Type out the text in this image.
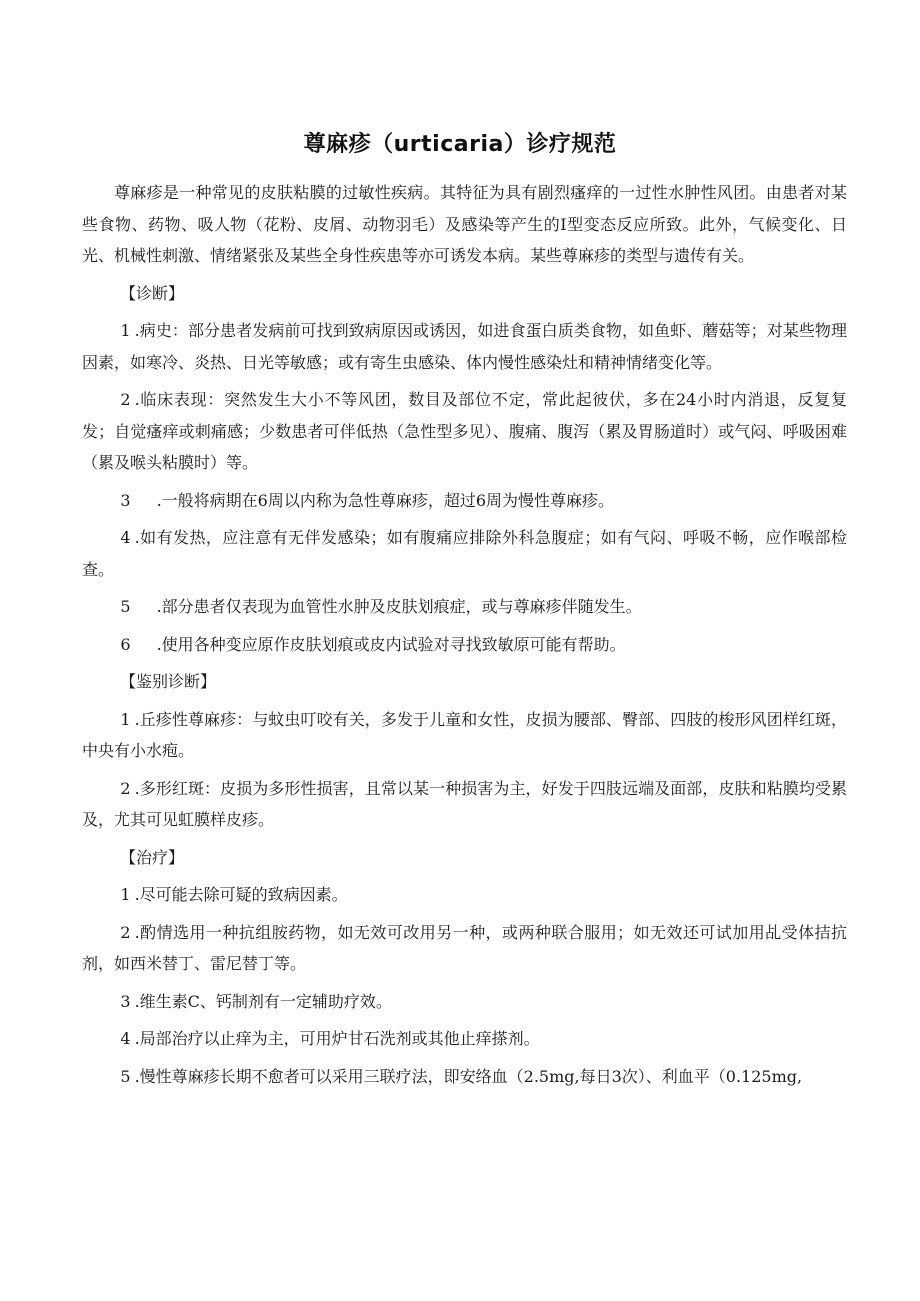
尊麻疹（urticaria）诊疗规范

尊麻疹是一种常见的皮肤粘膜的过敏性疾病。其特征为具有剧烈瘙痒的一过性水肿性风团。由患者对某些食物、药物、吸人物（花粉、皮屑、动物羽毛）及感染等产生的I型变态反应所致。此外，气候变化、日光、机械性刺激、情绪紧张及某些全身性疾患等亦可诱发本病。某些尊麻疹的类型与遗传有关。

【诊断】

1 .病史：部分患者发病前可找到致病原因或诱因，如进食蛋白质类食物，如鱼虾、蘑菇等；对某些物理因素，如寒冷、炎热、日光等敏感；或有寄生虫感染、体内慢性感染灶和精神情绪变化等。

2 .临床表现：突然发生大小不等风团，数目及部位不定，常此起彼伏，多在24小时内消退，反复复发；自觉瘙痒或刺痛感；少数患者可伴低热（急性型多见）、腹痛、腹泻（累及胃肠道时）或气闷、呼吸困难（累及喉头粘膜时）等。

3 .一般将病期在6周以内称为急性尊麻疹，超过6周为慢性尊麻疹。

4 .如有发热，应注意有无伴发感染；如有腹痛应排除外科急腹症；如有气闷、呼吸不畅，应作喉部检查。

5 .部分患者仅表现为血管性水肿及皮肤划痕症，或与尊麻疹伴随发生。

6 .使用各种变应原作皮肤划痕或皮内试验对寻找致敏原可能有帮助。

【鉴别诊断】

1 .丘疹性尊麻疹：与蚊虫叮咬有关，多发于儿童和女性，皮损为腰部、臀部、四肢的梭形风团样红斑，中央有小水疱。

2 .多形红斑：皮损为多形性损害，且常以某一种损害为主，好发于四肢远端及面部，皮肤和粘膜均受累及，尤其可见虹膜样皮疹。

【治疗】

1 .尽可能去除可疑的致病因素。

2 .酌情选用一种抗组胺药物，如无效可改用另一种，或两种联合服用；如无效还可试加用乩受体拮抗剂，如西米替丁、雷尼替丁等。

3 .维生素C、钙制剂有一定辅助疗效。

4 .局部治疗以止痒为主，可用炉甘石洗剂或其他止痒搽剂。

5 .慢性尊麻疹长期不愈者可以采用三联疗法，即安络血（2.5mg,每日3次）、利血平（0.125mg,
